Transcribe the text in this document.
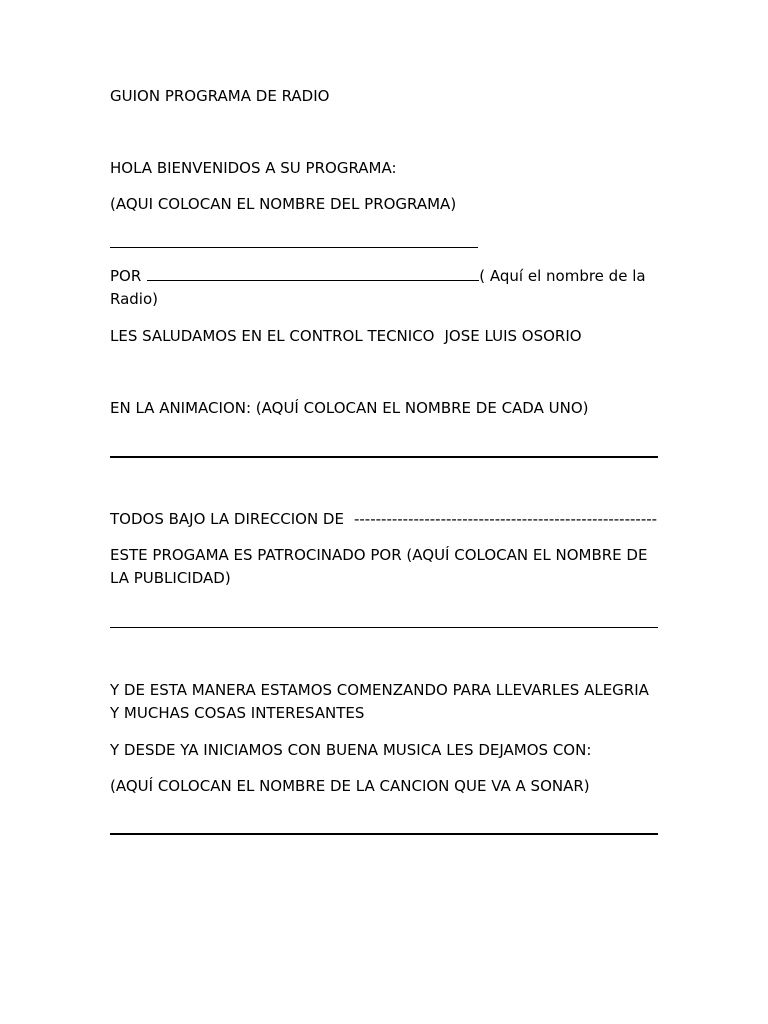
GUION PROGRAMA DE RADIO

HOLA BIENVENIDOS A SU PROGRAMA:

(AQUI COLOCAN EL NOMBRE DEL PROGRAMA)

POR	( Aquí el nombre de la Radio)

LES SALUDAMOS EN EL CONTROL TECNICO JOSE LUIS OSORIO

EN LA ANIMACION: (AQUÍ COLOCAN EL NOMBRE DE CADA UNO)

TODOS BAJO LA DIRECCION DE --------------------------------------------------------

ESTE PROGAMA ES PATROCINADO POR (AQUÍ COLOCAN EL NOMBRE DE LA PUBLICIDAD)

Y DE ESTA MANERA ESTAMOS COMENZANDO PARA LLEVARLES ALEGRIA Y MUCHAS COSAS INTERESANTES

Y DESDE YA INICIAMOS CON BUENA MUSICA LES DEJAMOS CON:

(AQUÍ COLOCAN EL NOMBRE DE LA CANCION QUE VA A SONAR)
